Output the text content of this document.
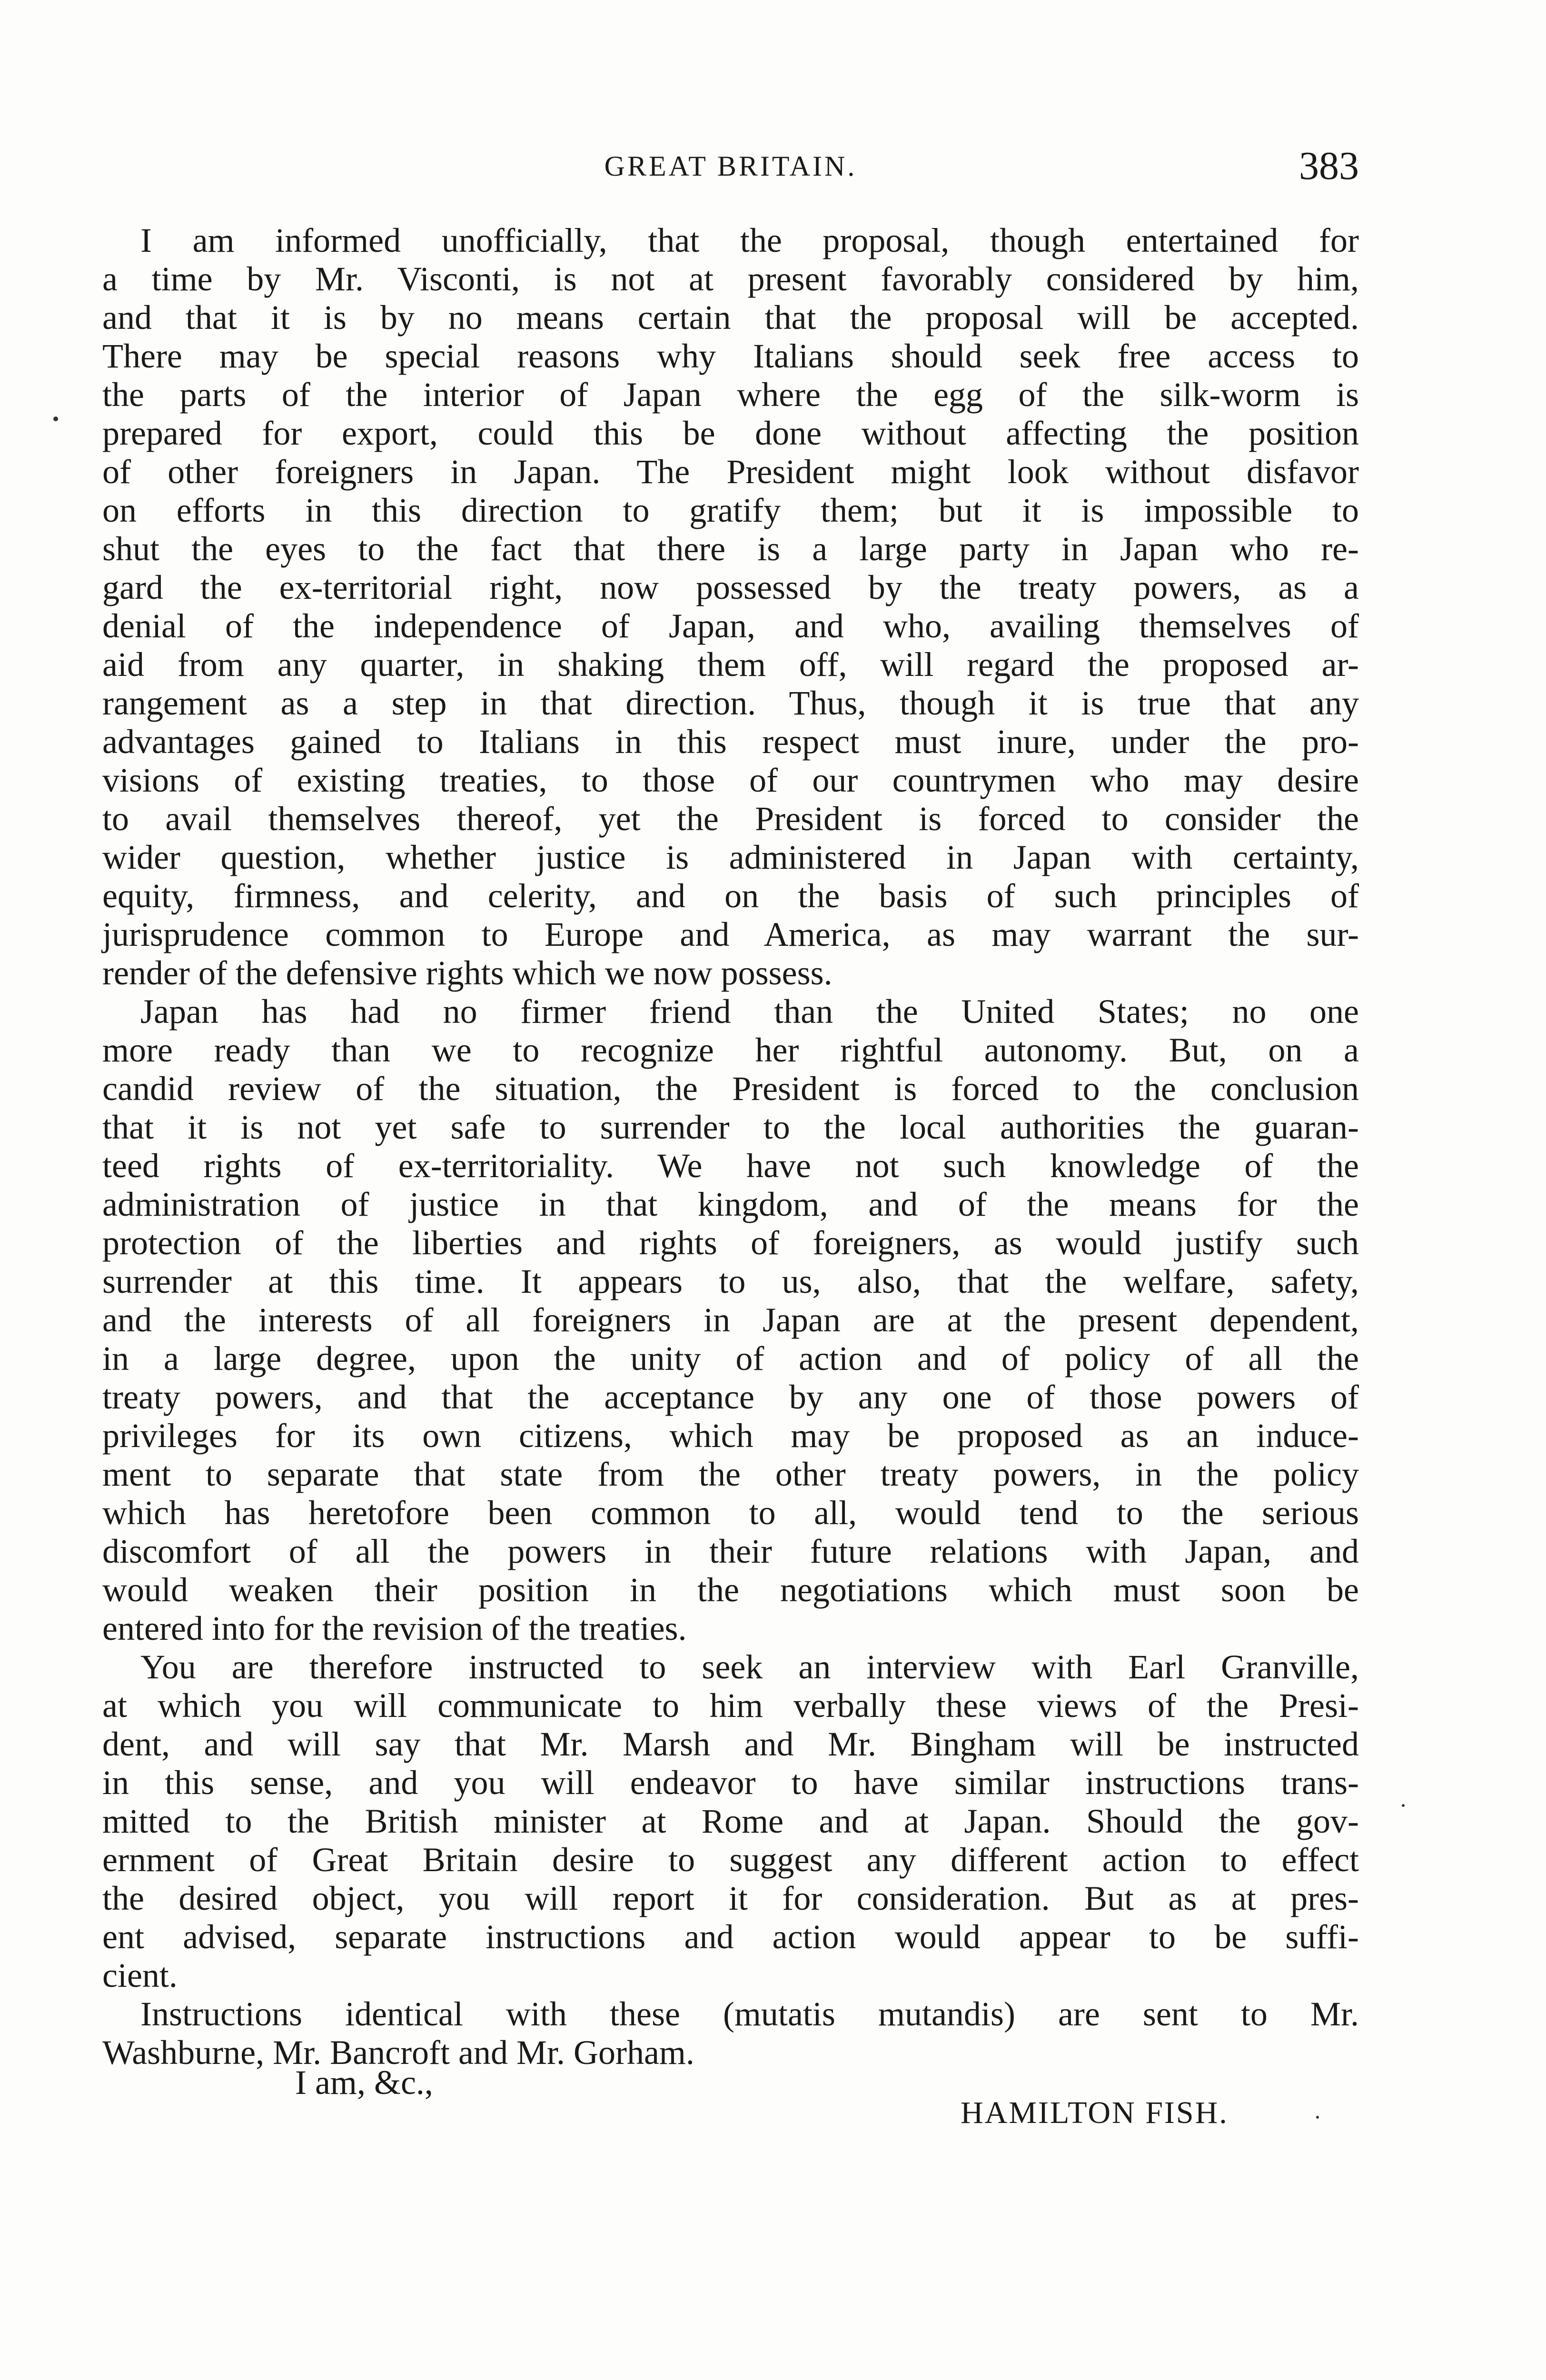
GREAT BRITAIN.	383
I am informed unofficially, that the proposal, though entertained for
a time by Mr. Visconti, is not at present favorably considered by him,
and that it is by no means certain that the proposal will be accepted.
There may be special reasons why Italians should seek free access to
the parts of the interior of Japan where the egg of the silk-worm is
prepared for export, could this be done without affecting the position
of other foreigners in Japan. The President might look without disfavor
on efforts in this direction to gratify them; but it is impossible to
shut the eyes to the fact that there is a large party in Japan who re-
gard the ex-territorial right, now possessed by the treaty powers, as a
denial of the independence of Japan, and who, availing themselves of
aid from any quarter, in shaking them off, will regard the proposed ar-
rangement as a step in that direction. Thus, though it is true that any
advantages gained to Italians in this respect must inure, under the pro-
visions of existing treaties, to those of our countrymen who may desire
to avail themselves thereof, yet the President is forced to consider the
wider question, whether justice is administered in Japan with certainty,
equity, firmness, and celerity, and on the basis of such principles of
jurisprudence common to Europe and America, as may warrant the sur-
render of the defensive rights which we now possess.
Japan has had no firmer friend than the United States; no one
more ready than we to recognize her rightful autonomy. But, on a
candid review of the situation, the President is forced to the conclusion
that it is not yet safe to surrender to the local authorities the guaran-
teed rights of ex-territoriality. We have not such knowledge of the
administration of justice in that kingdom, and of the means for the
protection of the liberties and rights of foreigners, as would justify such
surrender at this time. It appears to us, also, that the welfare, safety,
and the interests of all foreigners in Japan are at the present dependent,
in a large degree, upon the unity of action and of policy of all the
treaty powers, and that the acceptance by any one of those powers of
privileges for its own citizens, which may be proposed as an induce-
ment to separate that state from the other treaty powers, in the policy
which has heretofore been common to all, would tend to the serious
discomfort of all the powers in their future relations with Japan, and
would weaken their position in the negotiations which must soon be
entered into for the revision of the treaties.
You are therefore instructed to seek an interview with Earl Granville,
at which you will communicate to him verbally these views of the Presi-
dent, and will say that Mr. Marsh and Mr. Bingham will be instructed
in this sense, and you will endeavor to have similar instructions trans-
mitted to the British minister at Rome and at Japan. Should the gov-
ernment of Great Britain desire to suggest any different action to effect
the desired object, you will report it for consideration. But as at pres-
ent advised, separate instructions and action would appear to be suffi-
cient.
Instructions identical with these (mutatis mutandis) are sent to Mr.
Washburne, Mr. Bancroft and Mr. Gorham.
I am, &c.,
HAMILTON FISH.
